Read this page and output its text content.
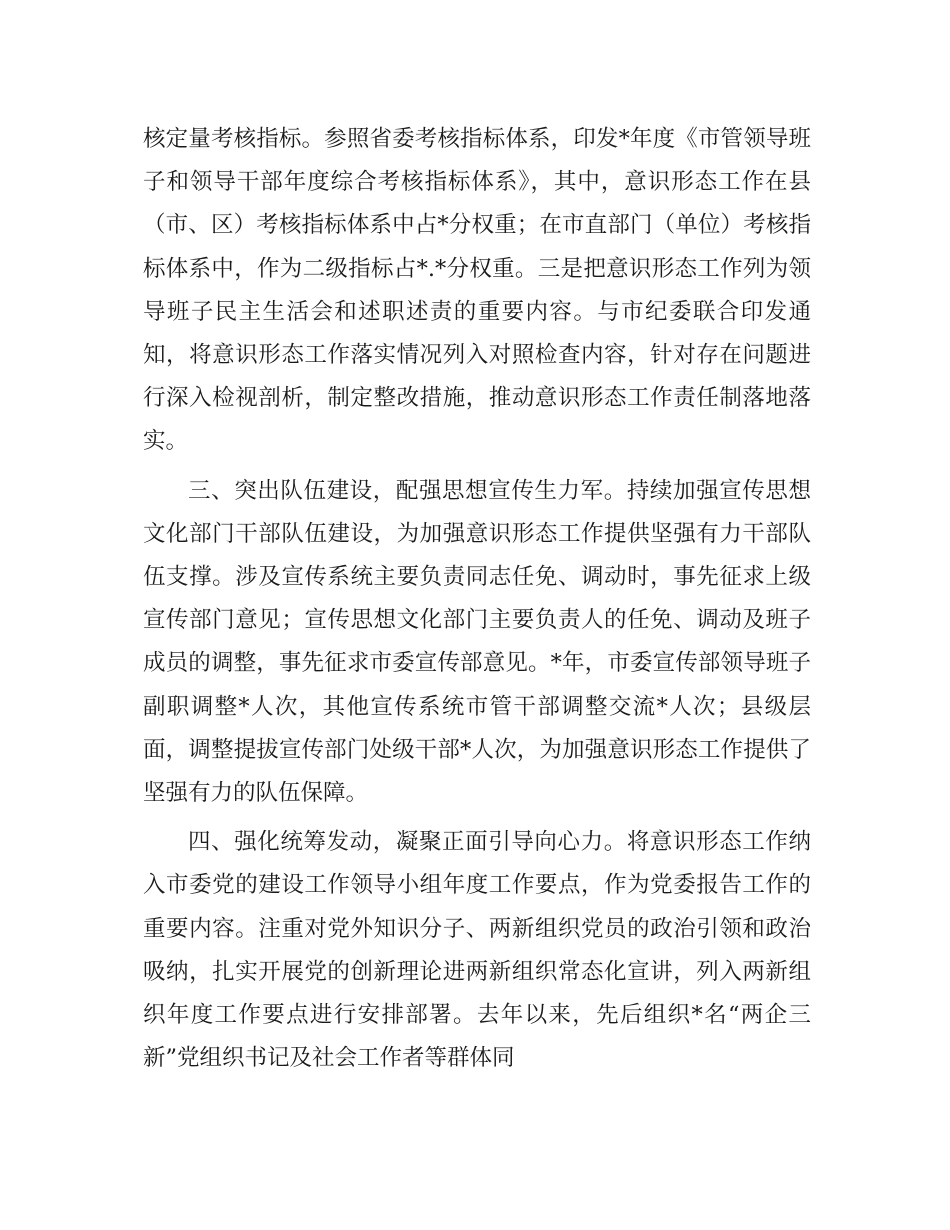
核定量考核指标。参照省委考核指标体系，印发*年度《市管领导班子和领导干部年度综合考核指标体系》，其中，意识形态工作在县（市、区）考核指标体系中占*分权重；在市直部门（单位）考核指标体系中，作为二级指标占*.*分权重。三是把意识形态工作列为领导班子民主生活会和述职述责的重要内容。与市纪委联合印发通知，将意识形态工作落实情况列入对照检查内容，针对存在问题进行深入检视剖析，制定整改措施，推动意识形态工作责任制落地落实。

三、突出队伍建设，配强思想宣传生力军。持续加强宣传思想文化部门干部队伍建设，为加强意识形态工作提供坚强有力干部队伍支撑。涉及宣传系统主要负责同志任免、调动时，事先征求上级宣传部门意见；宣传思想文化部门主要负责人的任免、调动及班子成员的调整，事先征求市委宣传部意见。*年，市委宣传部领导班子副职调整*人次，其他宣传系统市管干部调整交流*人次；县级层面，调整提拔宣传部门处级干部*人次，为加强意识形态工作提供了坚强有力的队伍保障。

四、强化统筹发动，凝聚正面引导向心力。将意识形态工作纳入市委党的建设工作领导小组年度工作要点，作为党委报告工作的重要内容。注重对党外知识分子、两新组织党员的政治引领和政治吸纳，扎实开展党的创新理论进两新组织常态化宣讲，列入两新组织年度工作要点进行安排部署。去年以来，先后组织*名“两企三新”党组织书记及社会工作者等群体同
